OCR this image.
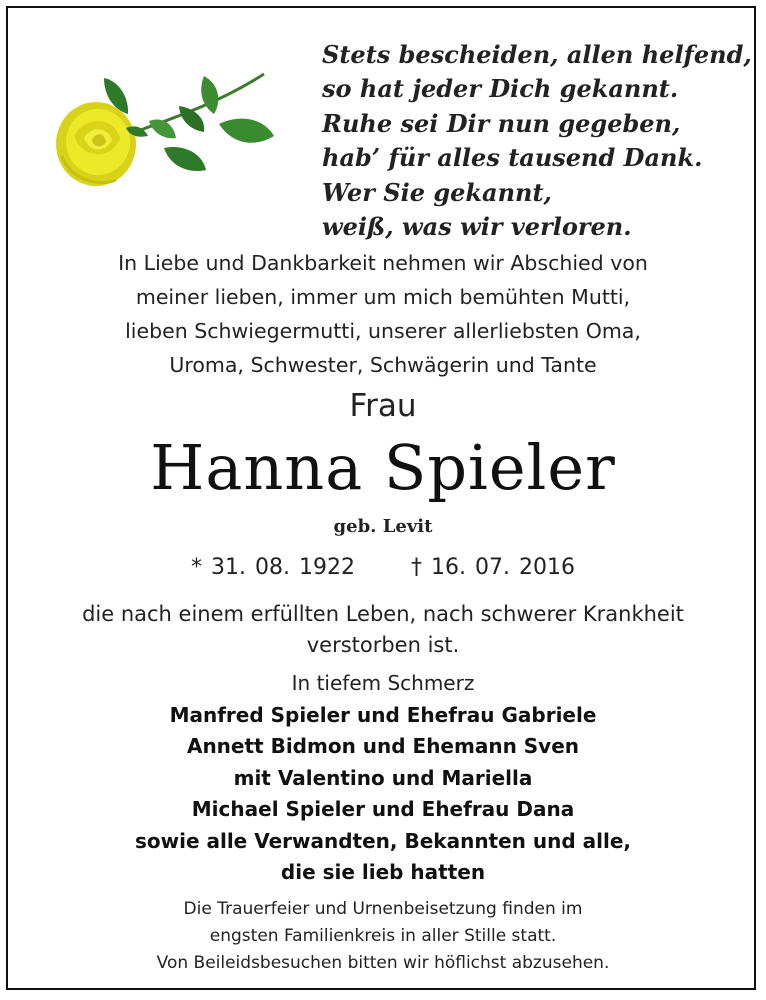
Stets bescheiden, allen helfend,
so hat jeder Dich gekannt.
Ruhe sei Dir nun gegeben,
hab’ für alles tausend Dank.
Wer Sie gekannt,
weiß, was wir verloren.
In Liebe und Dankbarkeit nehmen wir Abschied von
meiner lieben, immer um mich bemühten Mutti,
lieben Schwiegermutti, unserer allerliebsten Oma,
Uroma, Schwester, Schwägerin und Tante
Frau
Hanna Spieler
geb. Levit
* 31. 08. 1922	† 16. 07. 2016
die nach einem erfüllten Leben, nach schwerer Krankheit
verstorben ist.
In tiefem Schmerz
Manfred Spieler und Ehefrau Gabriele
Annett Bidmon und Ehemann Sven
mit Valentino und Mariella
Michael Spieler und Ehefrau Dana
sowie alle Verwandten, Bekannten und alle,
die sie lieb hatten
Die Trauerfeier und Urnenbeisetzung finden im
engsten Familienkreis in aller Stille statt.
Von Beileidsbesuchen bitten wir höflichst abzusehen.
